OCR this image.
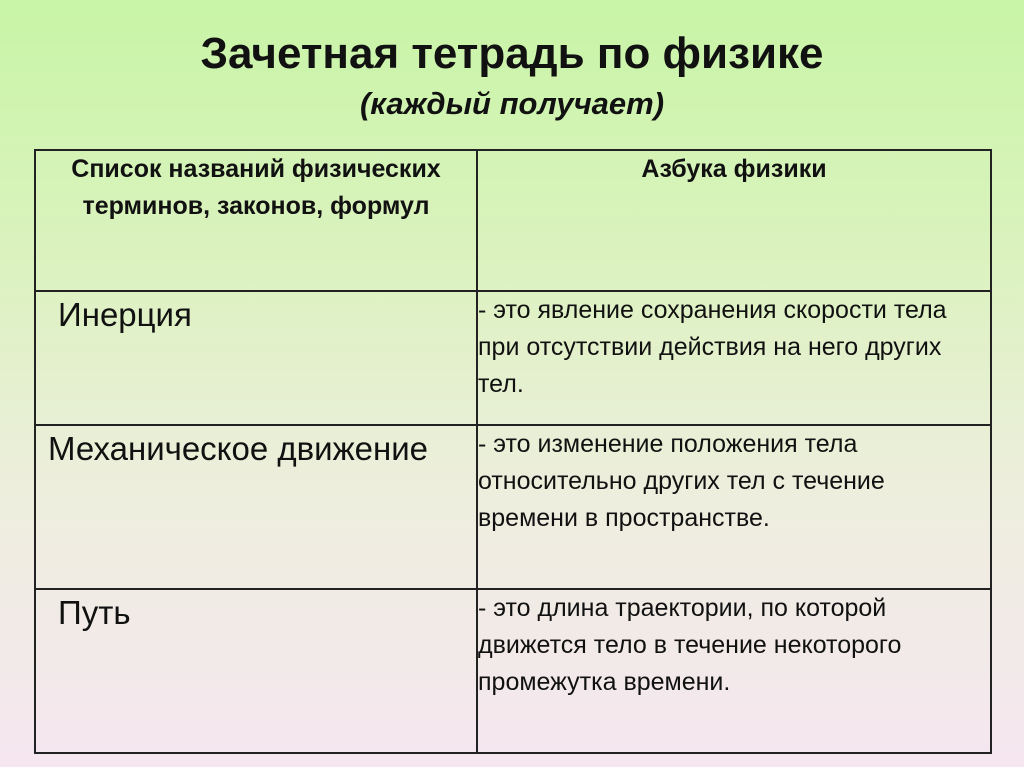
Зачетная тетрадь по физике
(каждый получает)
Список названий физических терминов, законов, формул	Азбука физики
Инерция	- это явление сохранения скорости тела при отсутствии действия на него других тел.
Механическое движение	- это изменение положения тела относительно других тел с течение времени в пространстве.
Путь	- это длина траектории, по которой движется тело в течение некоторого промежутка времени.
